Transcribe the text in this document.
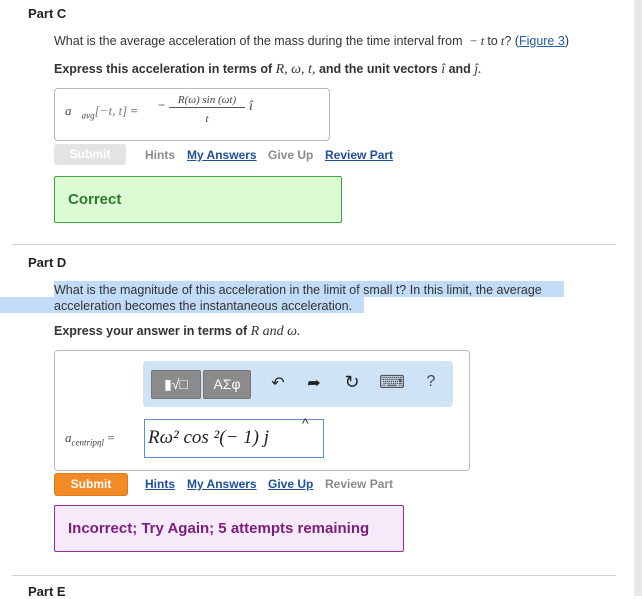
Part C
What is the average acceleration of the mass during the time interval from  − t to t? (Figure 3)
Express this acceleration in terms of R, ω, t, and the unit vectors î and ĵ.
$a⃗_{avg}[-t$, t] = −	R(ω) sin (ωt)
t
î
Submit	Hints My Answers Give Up Review Part
Correct
Part D
What is the magnitude of this acceleration in the limit of small t? In this limit, the average
acceleration becomes the instantaneous acceleration.
Express your answer in terms of R and ω.
▮√□	ΑΣφ	↶ ➦ ↻ ⌨ ?
$a_{centrip\eta l} = R\omega^2$ cos ²(− 1) j
^
Submit	Hints My Answers Give Up Review Part
Incorrect; Try Again; 5 attempts remaining
Part E
